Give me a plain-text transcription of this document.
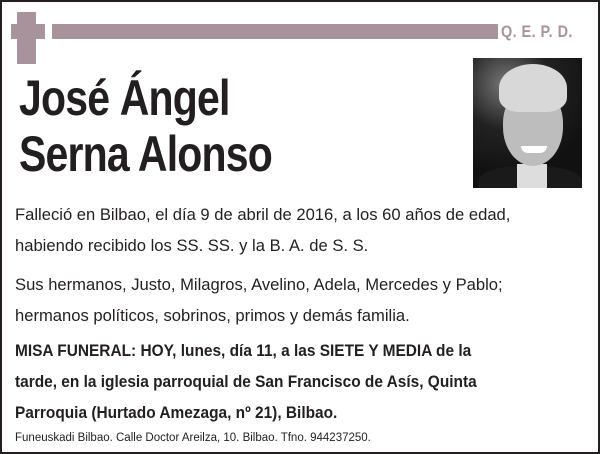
Q. E. P. D.
José Ángel
Serna Alonso
Falleció en Bilbao, el día 9 de abril de 2016, a los 60 años de edad,
habiendo recibido los SS. SS. y la B. A. de S. S.
Sus hermanos, Justo, Milagros, Avelino, Adela, Mercedes y Pablo;
hermanos políticos, sobrinos, primos y demás familia.
MISA FUNERAL: HOY, lunes, día 11, a las SIETE Y MEDIA de la
tarde, en la iglesia parroquial de San Francisco de Asís, Quinta
Parroquia (Hurtado Amezaga, nº 21), Bilbao.
Funeuskadi Bilbao. Calle Doctor Areilza, 10. Bilbao. Tfno. 944237250.
